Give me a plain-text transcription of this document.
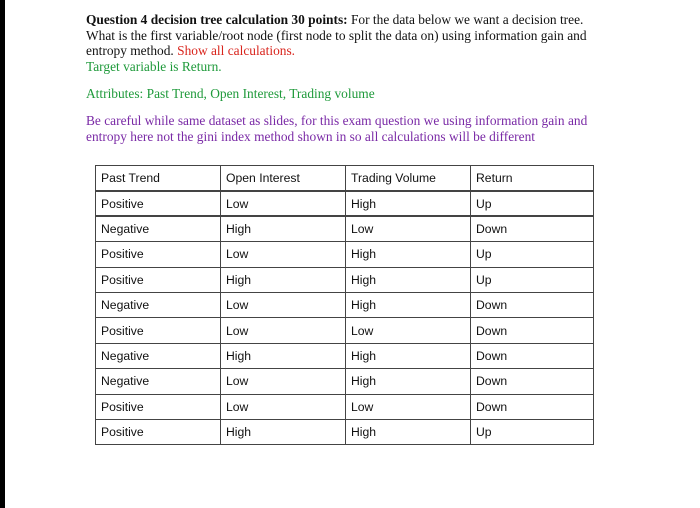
Question 4 decision tree calculation 30 points: For the data below we want a decision tree. What is the first variable/root node (first node to split the data on) using information gain and entropy method. Show all calculations.

Target variable is Return.

Attributes: Past Trend, Open Interest, Trading volume

Be careful while same dataset as slides, for this exam question we using information gain and entropy here not the gini index method shown in so all calculations will be different

Past Trend	Open Interest	Trading Volume	Return
Positive	Low	High	Up
Negative	High	Low	Down
Positive	Low	High	Up
Positive	High	High	Up
Negative	Low	High	Down
Positive	Low	Low	Down
Negative	High	High	Down
Negative	Low	High	Down
Positive	Low	Low	Down
Positive	High	High	Up
